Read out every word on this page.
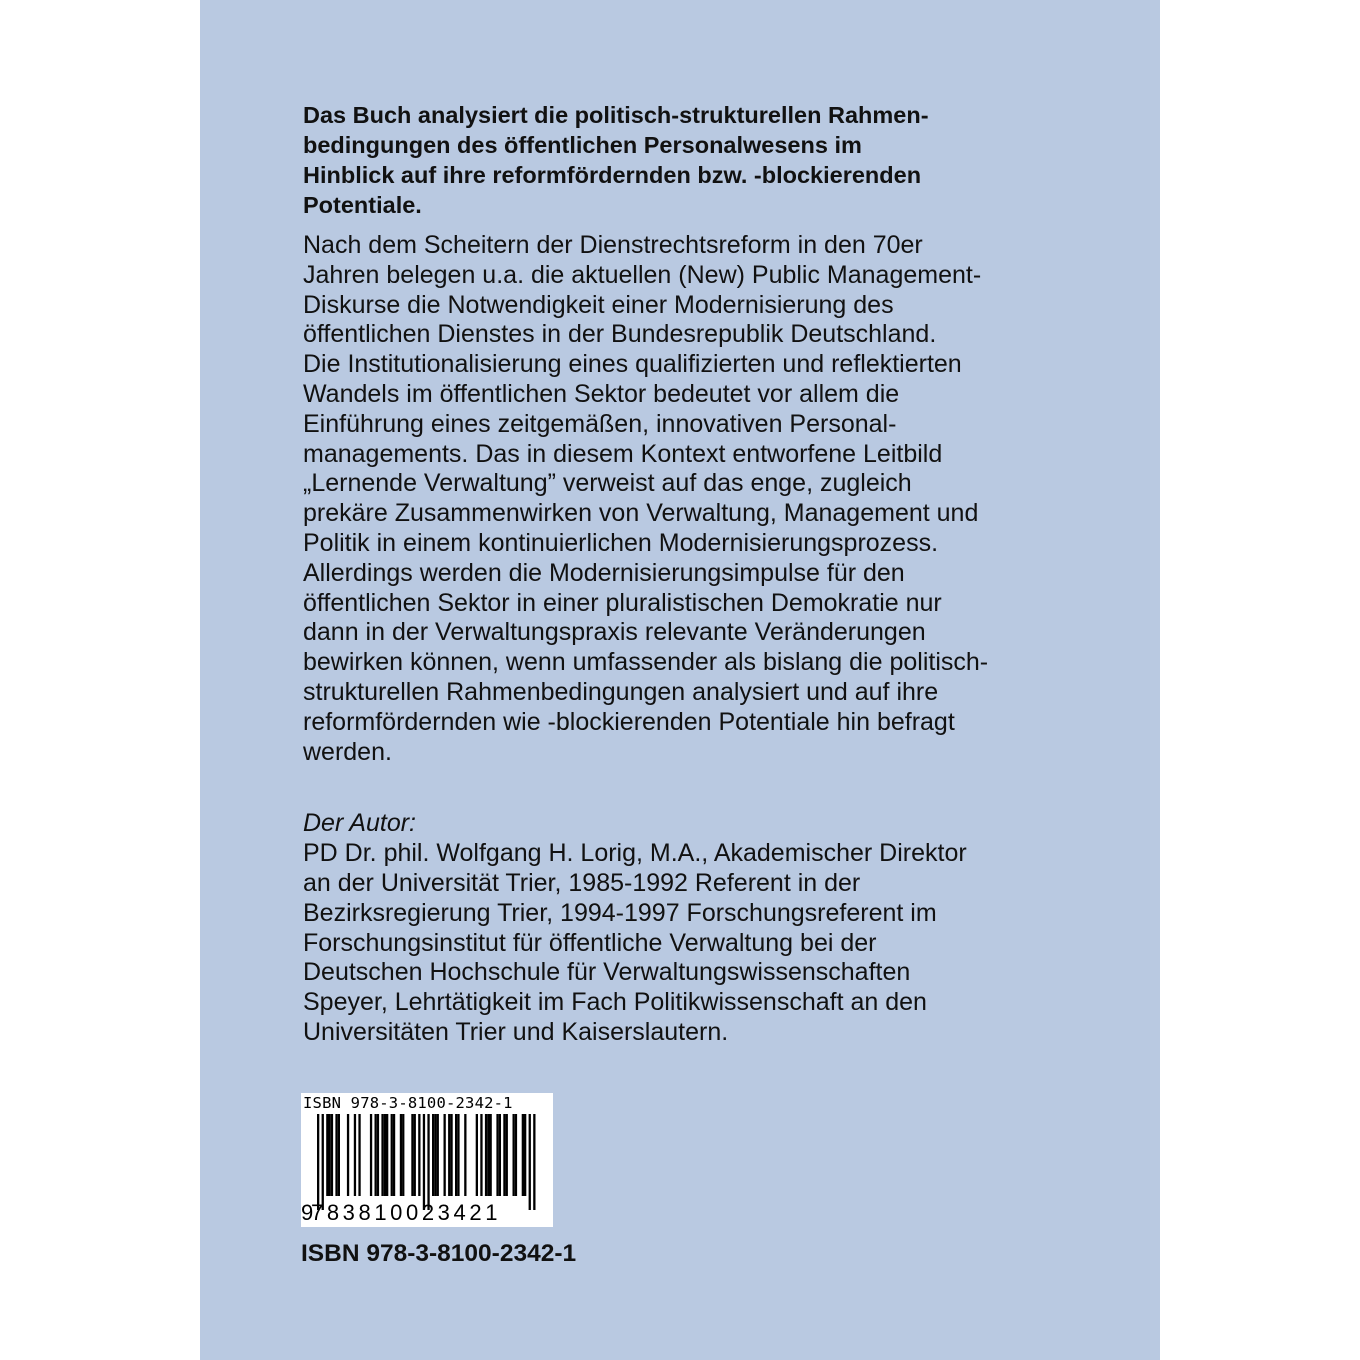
Das Buch analysiert die politisch-strukturellen Rahmen-
bedingungen des öffentlichen Personalwesens im
Hinblick auf ihre reformfördernden bzw. -blockierenden
Potentiale.

Nach dem Scheitern der Dienstrechtsreform in den 70er
Jahren belegen u.a. die aktuellen (New) Public Management-
Diskurse die Notwendigkeit einer Modernisierung des
öffentlichen Dienstes in der Bundesrepublik Deutschland.
Die Institutionalisierung eines qualifizierten und reflektierten
Wandels im öffentlichen Sektor bedeutet vor allem die
Einführung eines zeitgemäßen, innovativen Personal-
managements. Das in diesem Kontext entworfene Leitbild
„Lernende Verwaltung” verweist auf das enge, zugleich
prekäre Zusammenwirken von Verwaltung, Management und
Politik in einem kontinuierlichen Modernisierungsprozess.
Allerdings werden die Modernisierungsimpulse für den
öffentlichen Sektor in einer pluralistischen Demokratie nur
dann in der Verwaltungspraxis relevante Veränderungen
bewirken können, wenn umfassender als bislang die politisch-
strukturellen Rahmenbedingungen analysiert und auf ihre
reformfördernden wie -blockierenden Potentiale hin befragt
werden.

Der Autor:

PD Dr. phil. Wolfgang H. Lorig, M.A., Akademischer Direktor
an der Universität Trier, 1985-1992 Referent in der
Bezirksregierung Trier, 1994-1997 Forschungsreferent im
Forschungsinstitut für öffentliche Verwaltung bei der
Deutschen Hochschule für Verwaltungswissenschaften
Speyer, Lehrtätigkeit im Fach Politikwissenschaft an den
Universitäten Trier und Kaiserslautern.

ISBN 978-3-8100-2342-1
9
783810023421
ISBN 978-3-8100-2342-1
